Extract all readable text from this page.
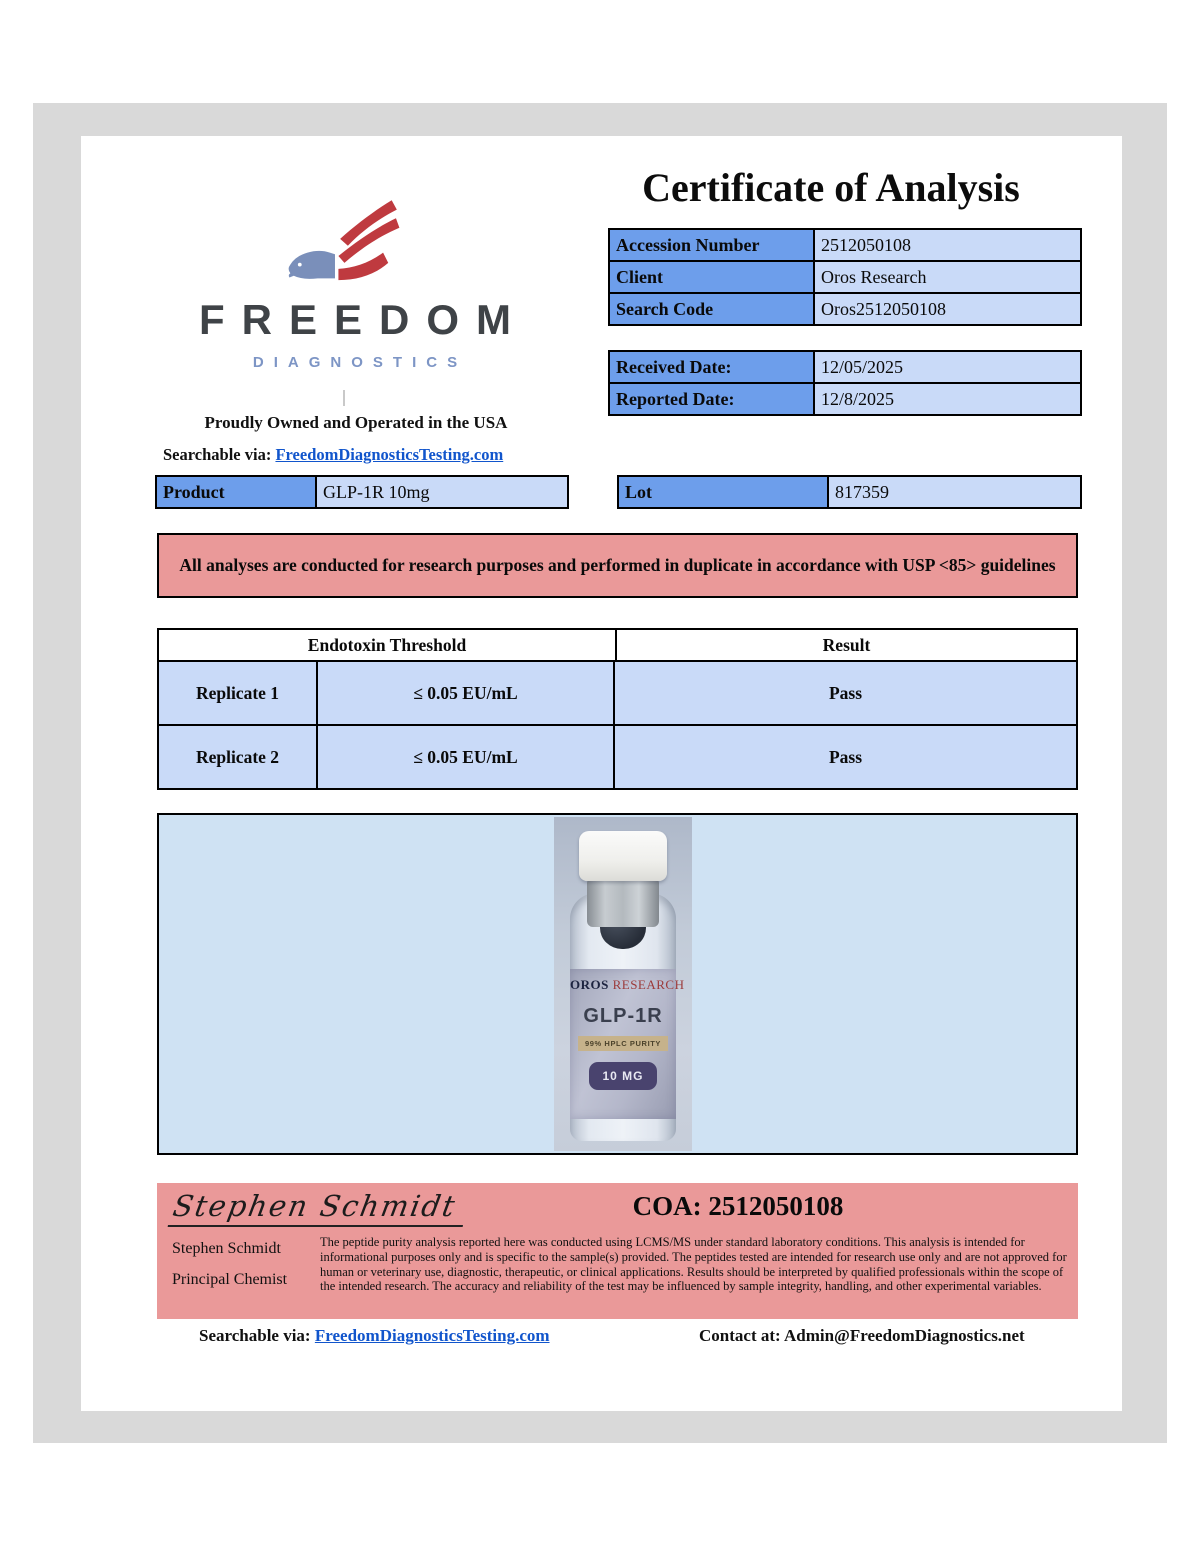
FREEDOM
DIAGNOSTICS
Proudly Owned and Operated in the USA
Searchable via: FreedomDiagnosticsTesting.com
Certificate of Analysis
Accession Number	2512050108
Client	Oros Research
Search Code	Oros2512050108
Received Date:	12/05/2025
Reported Date:	12/8/2025
Product	GLP-1R 10mg	Lot	817359
All analyses are conducted for research purposes and performed in duplicate in accordance with USP <85> guidelines
Endotoxin Threshold	Result
Replicate 1	≤ 0.05 EU/mL	Pass
Replicate 2	≤ 0.05 EU/mL	Pass
OROS RESEARCH
GLP-1R
99% HPLC PURITY
10 MG
Stephen Schmidt	COA: 2512050108
Stephen Schmidt
Principal Chemist
The peptide purity analysis reported here was conducted using LCMS/MS under standard laboratory conditions. This analysis is intended for informational purposes only and is specific to the sample(s) provided. The peptides tested are intended for research use only and are not approved for human or veterinary use, diagnostic, therapeutic, or clinical applications. Results should be interpreted by qualified professionals within the scope of the intended research. The accuracy and reliability of the test may be influenced by sample integrity, handling, and other experimental variables.
Searchable via: FreedomDiagnosticsTesting.com	Contact at: Admin@FreedomDiagnostics.net
